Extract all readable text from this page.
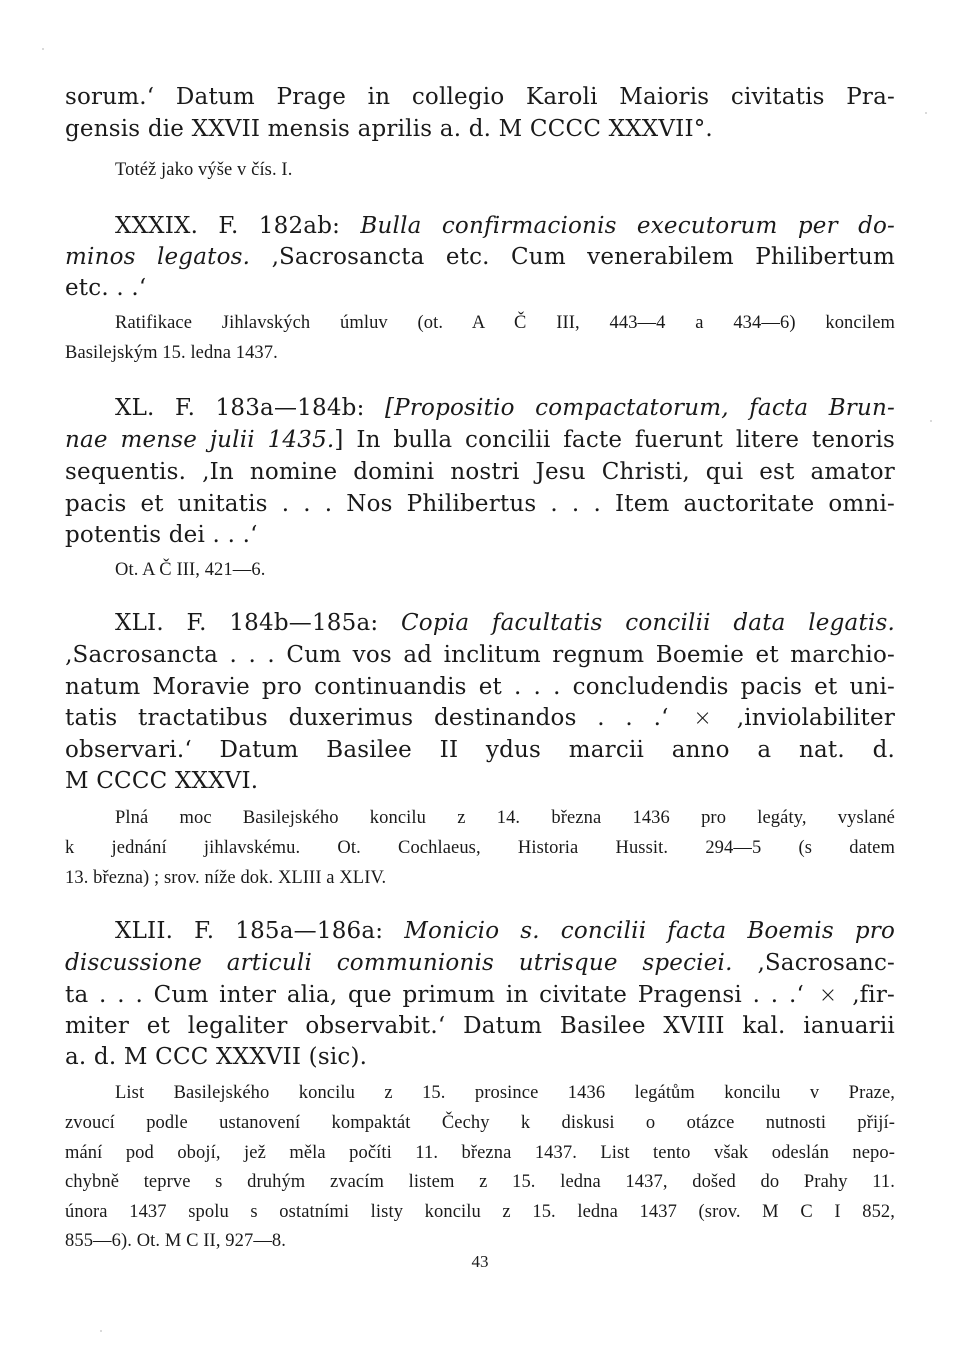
sorum.‘ Datum Prage in collegio Karoli Maioris civitatis Pra-
gensis die XXVII mensis aprilis a. d. M CCCC XXXVII°.
Totéž jako výše v čís. I.
XXXIX. F. 182ab: Bulla confirmacionis executorum per do-
minos legatos. ‚Sacrosancta etc. Cum venerabilem Philibertum
etc. . .‘
Ratifikace Jihlavských úmluv (ot. A Č III, 443—4 a 434—6) koncilem
Basilejským 15. ledna 1437.
XL. F. 183a—184b: [Propositio compactatorum, facta Brun-
nae mense julii 1435.] In bulla concilii facte fuerunt litere tenoris
sequentis. ‚In nomine domini nostri Jesu Christi, qui est amator
pacis et unitatis . . . Nos Philibertus . . . Item auctoritate omni-
potentis dei . . .‘
Ot. A Č III, 421—6.
XLI. F. 184b—185a: Copia facultatis concilii data legatis.
‚Sacrosancta . . . Cum vos ad inclitum regnum Boemie et marchio-
natum Moravie pro continuandis et . . . concludendis pacis et uni-
tatis tractatibus duxerimus destinandos . . .‘ × ‚inviolabiliter
observari.‘ Datum Basilee II ydus marcii anno a nat. d.
M CCCC XXXVI.
Plná moc Basilejského koncilu z 14. března 1436 pro legáty, vyslané
k jednání jihlavskému. Ot. Cochlaeus, Historia Hussit. 294—5 (s datem
13. března) ; srov. níže dok. XLIII a XLIV.
XLII. F. 185a—186a: Monicio s. concilii facta Boemis pro
discussione articuli communionis utrisque speciei. ‚Sacrosanc-
ta . . . Cum inter alia, que primum in civitate Pragensi . . .‘ × ‚fir-
miter et legaliter observabit.‘ Datum Basilee XVIII kal. ianuarii
a. d. M CCC XXXVII (sic).
List Basilejského koncilu z 15. prosince 1436 legátům koncilu v Praze,
zvoucí podle ustanovení kompaktát Čechy k diskusi o otázce nutnosti přijí-
mání pod obojí, jež měla počíti 11. března 1437. List tento však odeslán nepo-
chybně teprve s druhým zvacím listem z 15. ledna 1437, došed do Prahy 11.
února 1437 spolu s ostatními listy koncilu z 15. ledna 1437 (srov. M C I 852,
855—6). Ot. M C II, 927—8.
43
